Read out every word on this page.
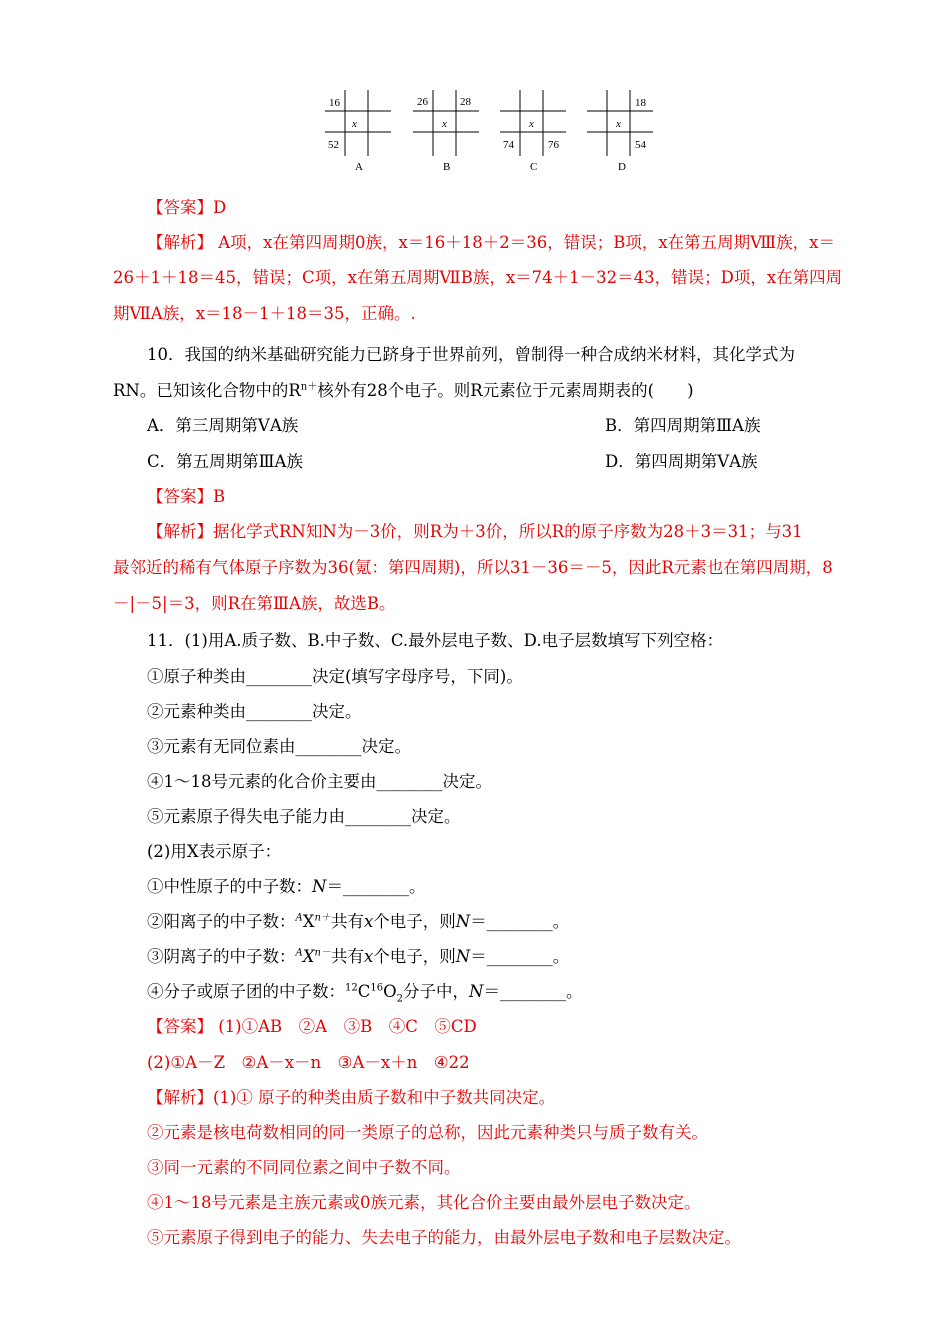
16
x
52
A
26	28
x
B
x
74	76
C
x
18
54
D
【答案】D
【解析】 A项，x在第四周期0族，x＝16＋18＋2＝36，错误；B项，x在第五周期Ⅷ族，x＝
26＋1＋18＝45，错误；C项，x在第五周期ⅦB族，x＝74＋1－32＝43，错误；D项，x在第四周
期ⅦA族，x＝18－1＋18＝35，正确。.
10．我国的纳米基础研究能力已跻身于世界前列，曾制得一种合成纳米材料，其化学式为
RN。已知该化合物中的$R^{n+}$核外有28个电子。则R元素位于元素周期表的(　　)
A．第三周期第ⅤA族	B．第四周期第ⅢA族
C．第五周期第ⅢA族	D．第四周期第ⅤA族
【答案】B
【解析】据化学式RN知N为－3价，则R为＋3价，所以R的原子序数为28＋3＝31；与31
最邻近的稀有气体原子序数为36(氪：第四周期)，所以31－36＝－5，因此R元素也在第四周期，8
－|－5|＝3，则R在第ⅢA族，故选B。
11．(1)用A.质子数、B.中子数、C.最外层电子数、D.电子层数填写下列空格：
①原子种类由________决定(填写字母序号，下同)。
②元素种类由________决定。
③元素有无同位素由________决定。
④1～18号元素的化合价主要由________决定。
⑤元素原子得失电子能力由________决定。
(2)用X表示原子：
①中性原子的中子数：N＝________。
②阳离子的中子数：$^AX^{n+}$共有x个电子，则N＝________。
③阴离子的中子数：$^AX^{n-}$共有x个电子，则N＝________。
④分子或原子团的中子数：$^{12}C^{16}O_2$分子中，N＝________。
【答案】 (1)①AB　②A　③B　④C　⑤CD
(2)①A－Z　②A－x－n　③A－x＋n　④22
【解析】(1)① 原子的种类由质子数和中子数共同决定。
②元素是核电荷数相同的同一类原子的总称，因此元素种类只与质子数有关。
③同一元素的不同同位素之间中子数不同。
④1～18号元素是主族元素或0族元素，其化合价主要由最外层电子数决定。
⑤元素原子得到电子的能力、失去电子的能力，由最外层电子数和电子层数决定。
